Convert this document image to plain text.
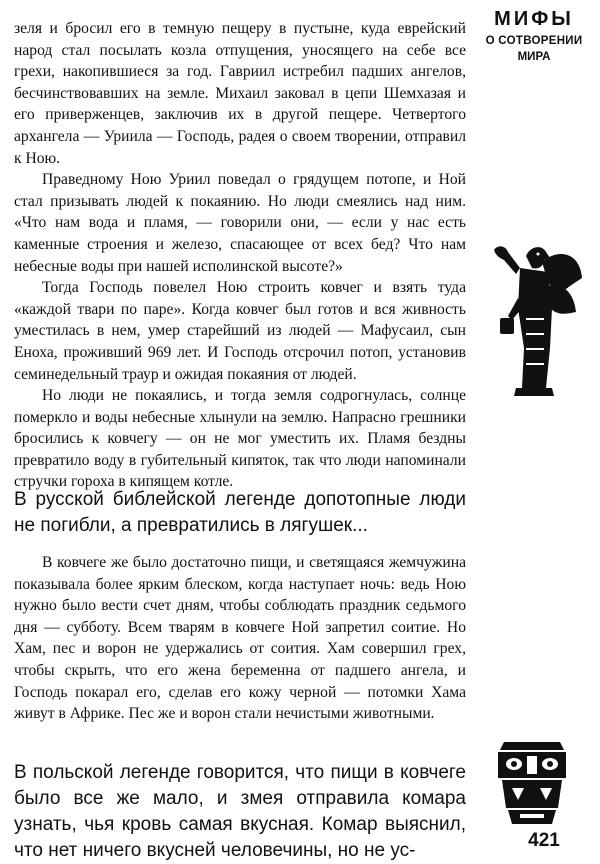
МИФЫ
О СОТВОРЕНИИ
МИРА

зеля и бросил его в темную пещеру в пустыне, куда еврейский народ стал посылать козла отпущения, уносящего на себе все грехи, накопившиеся за год. Гавриил истребил падших ангелов, бесчинствовавших на земле. Михаил заковал в цепи Шемхазая и его приверженцев, заключив их в другой пещере. Четвертого архангела — Уриила — Господь, радея о своем творении, отправил к Ною.

Праведному Ною Уриил поведал о грядущем потопе, и Ной стал призывать людей к покаянию. Но люди смеялись над ним. «Что нам вода и пламя, — говорили они, — если у нас есть каменные строения и железо, спасающее от всех бед? Что нам небесные воды при нашей исполинской высоте?»

Тогда Господь повелел Ною строить ковчег и взять туда «каждой твари по паре». Когда ковчег был готов и вся живность уместилась в нем, умер старейший из людей — Мафусаил, сын Еноха, проживший 969 лет. И Господь отсрочил потоп, установив семинедельный траур и ожидая покаяния от людей.

Но люди не покаялись, и тогда земля содрогнулась, солнце померкло и воды небесные хлынули на землю. Напрасно грешники бросились к ковчегу — он не мог уместить их. Пламя бездны превратило воду в губительный кипяток, так что люди напоминали стручки гороха в кипящем котле.

В русской библейской легенде допотопные люди не погибли, а превратились в лягушек...

В ковчеге же было достаточно пищи, и светящаяся жемчужина показывала более ярким блеском, когда наступает ночь: ведь Ною нужно было вести счет дням, чтобы соблюдать праздник седьмого дня — субботу. Всем тварям в ковчеге Ной запретил соитие. Но Хам, пес и ворон не удержались от соития. Хам совершил грех, чтобы скрыть, что его жена беременна от падшего ангела, и Господь покарал его, сделав его кожу черной — потомки Хама живут в Африке. Пес же и ворон стали нечистыми животными.

В польской легенде говорится, что пищи в ковчеге было все же мало, и змея отправила комара узнать, чья кровь самая вкусная. Комар выяснил, что нет ничего вкусней человечины, но не ус-	421
